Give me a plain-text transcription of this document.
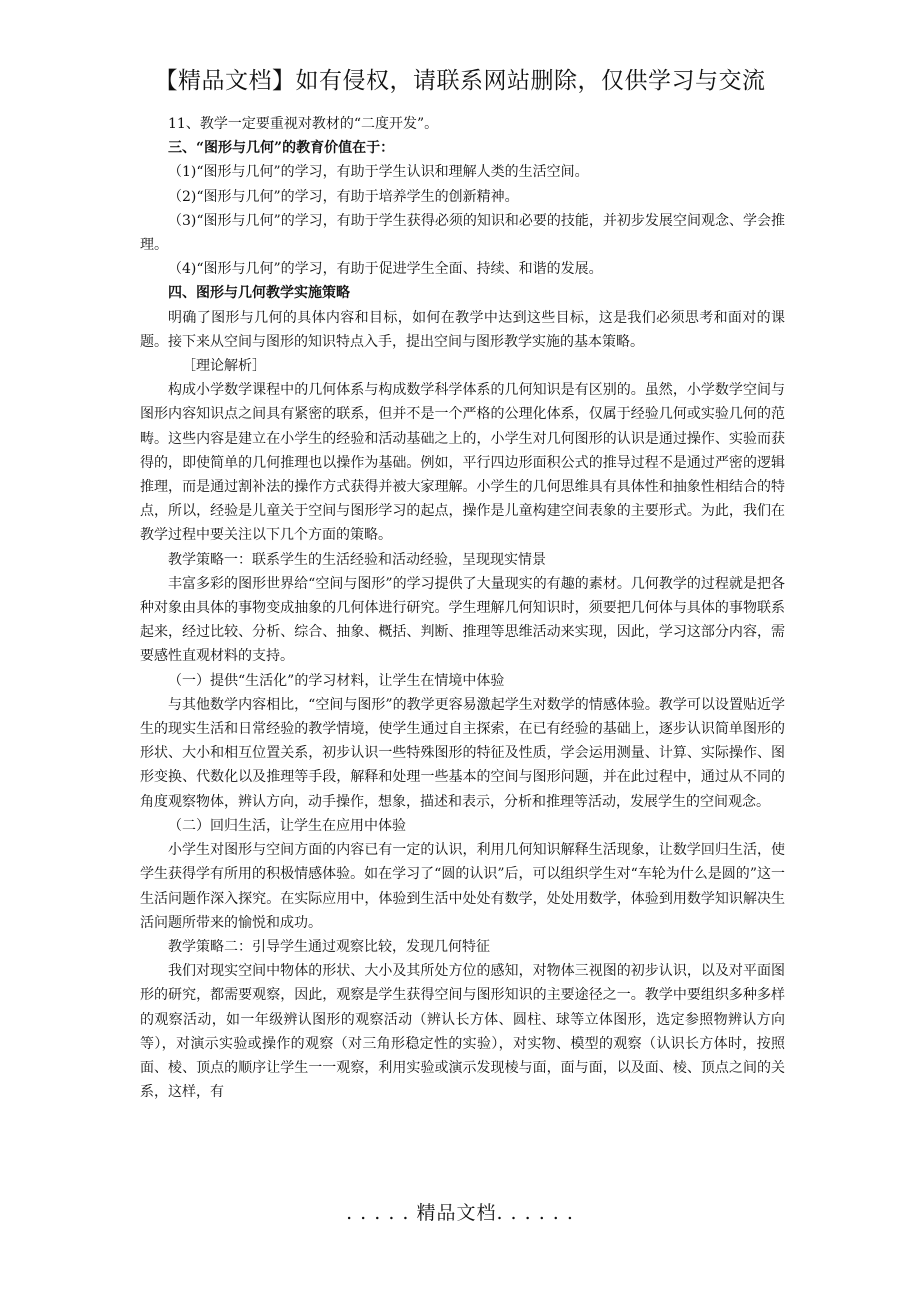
【精品文档】如有侵权，请联系网站删除，仅供学习与交流

11、教学一定要重视对教材的“二度开发”。

三、“图形与几何”的教育价值在于：

（1)“图形与几何”的学习，有助于学生认识和理解人类的生活空间。

（2)“图形与几何”的学习，有助于培养学生的创新精神。

（3)“图形与几何”的学习，有助于学生获得必须的知识和必要的技能，并初步发展空间观念、学会推理。

（4)“图形与几何”的学习，有助于促进学生全面、持续、和谐的发展。

四、图形与几何教学实施策略

明确了图形与几何的具体内容和目标，如何在教学中达到这些目标，这是我们必须思考和面对的课题。接下来从空间与图形的知识特点入手，提出空间与图形教学实施的基本策略。

［理论解析］

构成小学数学课程中的几何体系与构成数学科学体系的几何知识是有区别的。虽然，小学数学空间与图形内容知识点之间具有紧密的联系，但并不是一个严格的公理化体系，仅属于经验几何或实验几何的范畴。这些内容是建立在小学生的经验和活动基础之上的，小学生对几何图形的认识是通过操作、实验而获得的，即使简单的几何推理也以操作为基础。例如，平行四边形面积公式的推导过程不是通过严密的逻辑推理，而是通过割补法的操作方式获得并被大家理解。小学生的几何思维具有具体性和抽象性相结合的特点，所以，经验是儿童关于空间与图形学习的起点，操作是儿童构建空间表象的主要形式。为此，我们在教学过程中要关注以下几个方面的策略。

教学策略一：联系学生的生活经验和活动经验，呈现现实情景

丰富多彩的图形世界给“空间与图形”的学习提供了大量现实的有趣的素材。几何教学的过程就是把各种对象由具体的事物变成抽象的几何体进行研究。学生理解几何知识时，须要把几何体与具体的事物联系起来，经过比较、分析、综合、抽象、概括、判断、推理等思维活动来实现，因此，学习这部分内容，需要感性直观材料的支持。

（一）提供“生活化”的学习材料，让学生在情境中体验

与其他数学内容相比，“空间与图形”的教学更容易激起学生对数学的情感体验。教学可以设置贴近学生的现实生活和日常经验的教学情境，使学生通过自主探索，在已有经验的基础上，逐步认识简单图形的形状、大小和相互位置关系，初步认识一些特殊图形的特征及性质，学会运用测量、计算、实际操作、图形变换、代数化以及推理等手段，解释和处理一些基本的空间与图形问题，并在此过程中，通过从不同的角度观察物体，辨认方向，动手操作，想象，描述和表示，分析和推理等活动，发展学生的空间观念。

（二）回归生活，让学生在应用中体验

小学生对图形与空间方面的内容已有一定的认识，利用几何知识解释生活现象，让数学回归生活，使学生获得学有所用的积极情感体验。如在学习了“圆的认识”后，可以组织学生对“车轮为什么是圆的”这一生活问题作深入探究。在实际应用中，体验到生活中处处有数学，处处用数学，体验到用数学知识解决生活问题所带来的愉悦和成功。

教学策略二：引导学生通过观察比较，发现几何特征

我们对现实空间中物体的形状、大小及其所处方位的感知，对物体三视图的初步认识，以及对平面图形的研究，都需要观察，因此，观察是学生获得空间与图形知识的主要途径之一。教学中要组织多种多样的观察活动，如一年级辨认图形的观察活动（辨认长方体、圆柱、球等立体图形，选定参照物辨认方向等），对演示实验或操作的观察（对三角形稳定性的实验），对实物、模型的观察（认识长方体时，按照面、棱、顶点的顺序让学生一一观察，利用实验或演示发现棱与面，面与面，以及面、棱、顶点之间的关系，这样，有

. . . . . 精品文档. . . . . .
